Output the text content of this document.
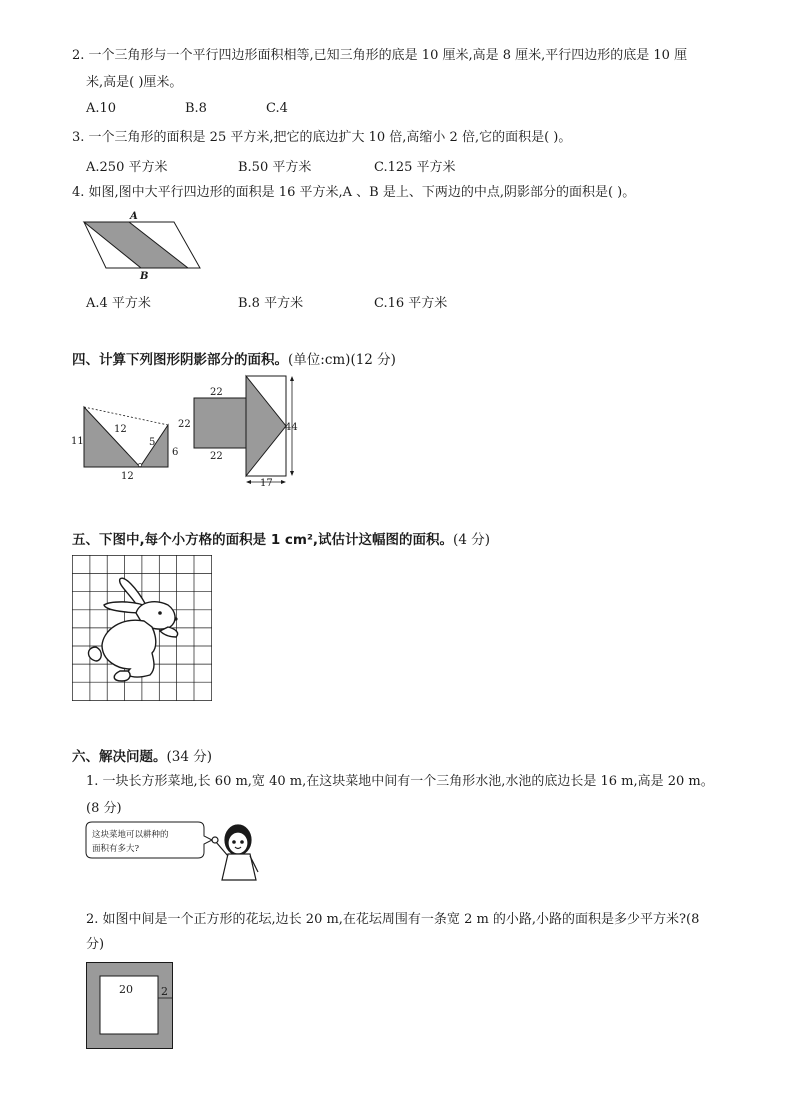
2. 一个三角形与一个平行四边形面积相等,已知三角形的底是 10 厘米,高是 8 厘米,平行四边形的底是 10 厘
米,高是( )厘米。
A.10	B.8	C.4
3. 一个三角形的面积是 25 平方米,把它的底边扩大 10 倍,高缩小 2 倍,它的面积是( )。
A.250 平方米	B.50 平方米	C.125 平方米
4. 如图,图中大平行四边形的面积是 16 平方米,A 、B 是上、下两边的中点,阴影部分的面积是( )。
A
B
A.4 平方米	B.8 平方米	C.16 平方米
四、计算下列图形阴影部分的面积。(单位:cm)(12 分)
11
12
5
6
12
22
22
22
44
17
五、下图中,每个小方格的面积是 1 cm²,试估计这幅图的面积。(4 分)
六、解决问题。(34 分)
1. 一块长方形菜地,长 60 m,宽 40 m,在这块菜地中间有一个三角形水池,水池的底边长是 16 m,高是 20 m。
(8 分)
这块菜地可以耕种的
面积有多大?
2. 如图中间是一个正方形的花坛,边长 20 m,在花坛周围有一条宽 2 m 的小路,小路的面积是多少平方米?(8
分)
20	2
